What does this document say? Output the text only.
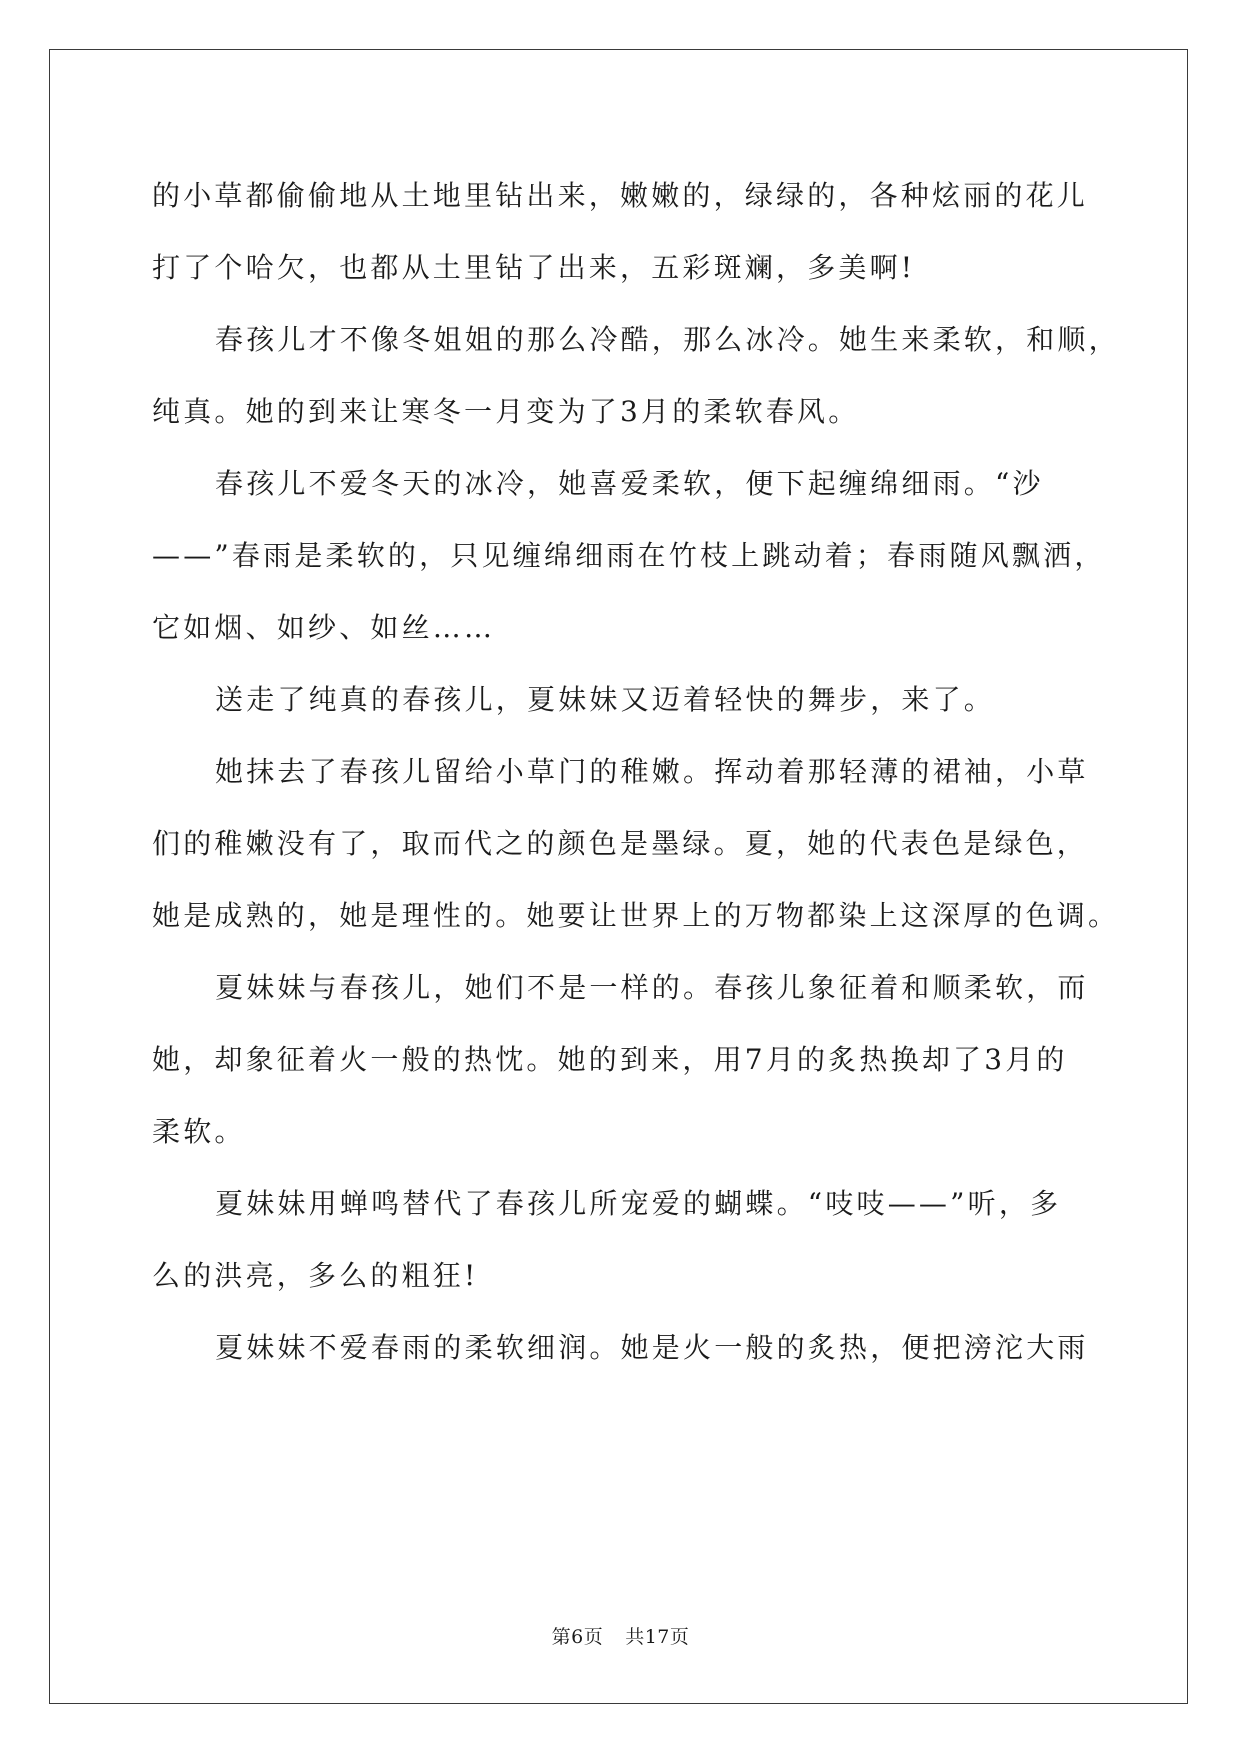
的小草都偷偷地从土地里钻出来，嫩嫩的，绿绿的，各种炫丽的花儿
打了个哈欠，也都从土里钻了出来，五彩斑斓，多美啊!
春孩儿才不像冬姐姐的那么冷酷，那么冰冷。她生来柔软，和顺，
纯真。她的到来让寒冬一月变为了3月的柔软春风。
春孩儿不爱冬天的冰冷，她喜爱柔软，便下起缠绵细雨。“沙
——”春雨是柔软的，只见缠绵细雨在竹枝上跳动着；春雨随风飘洒，
它如烟、如纱、如丝……
送走了纯真的春孩儿，夏妹妹又迈着轻快的舞步，来了。
她抹去了春孩儿留给小草门的稚嫩。挥动着那轻薄的裙袖，小草
们的稚嫩没有了，取而代之的颜色是墨绿。夏，她的代表色是绿色，
她是成熟的，她是理性的。她要让世界上的万物都染上这深厚的色调。
夏妹妹与春孩儿，她们不是一样的。春孩儿象征着和顺柔软，而
她，却象征着火一般的热忱。她的到来，用7月的炙热换却了3月的
柔软。
夏妹妹用蝉鸣替代了春孩儿所宠爱的蝴蝶。“吱吱——”听，多
么的洪亮，多么的粗狂!
夏妹妹不爱春雨的柔软细润。她是火一般的炙热，便把滂沱大雨
第6页 共17页
